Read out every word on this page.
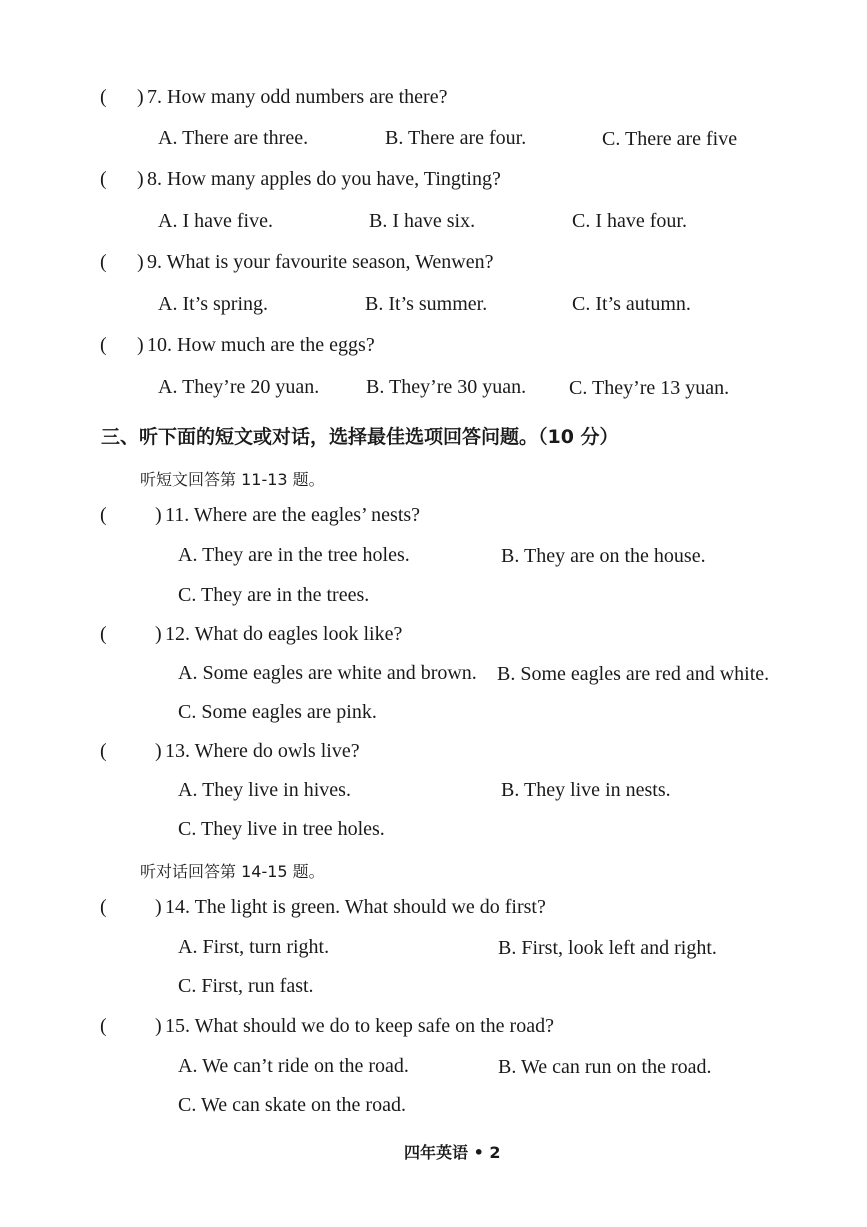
( ) 7. How many odd numbers are there?
A. There are three.	B. There are four.	C. There are five
( ) 8. How many apples do you have, Tingting?
A. I have five.	B. I have six.	C. I have four.
( ) 9. What is your favourite season, Wenwen?
A. It’s spring.	B. It’s summer.	C. It’s autumn.
( ) 10. How much are the eggs?
A. They’re 20 yuan. B. They’re 30 yuan. C. They’re 13 yuan.
三、听下面的短文或对话，选择最佳选项回答问题。（10 分）
听短文回答第 11-13 题。
( ) 11. Where are the eagles’ nests?
A. They are in the tree holes.	B. They are on the house.
C. They are in the trees.
( ) 12. What do eagles look like?
A. Some eagles are white and brown. B. Some eagles are red and white.
C. Some eagles are pink.
( ) 13. Where do owls live?
A. They live in hives.	B. They live in nests.
C. They live in tree holes.
听对话回答第 14-15 题。
( ) 14. The light is green. What should we do first?
A. First, turn right.	B. First, look left and right.
C. First, run fast.
( ) 15. What should we do to keep safe on the road?
A. We can’t ride on the road.	B. We can run on the road.
C. We can skate on the road.
四年英语 • 2
